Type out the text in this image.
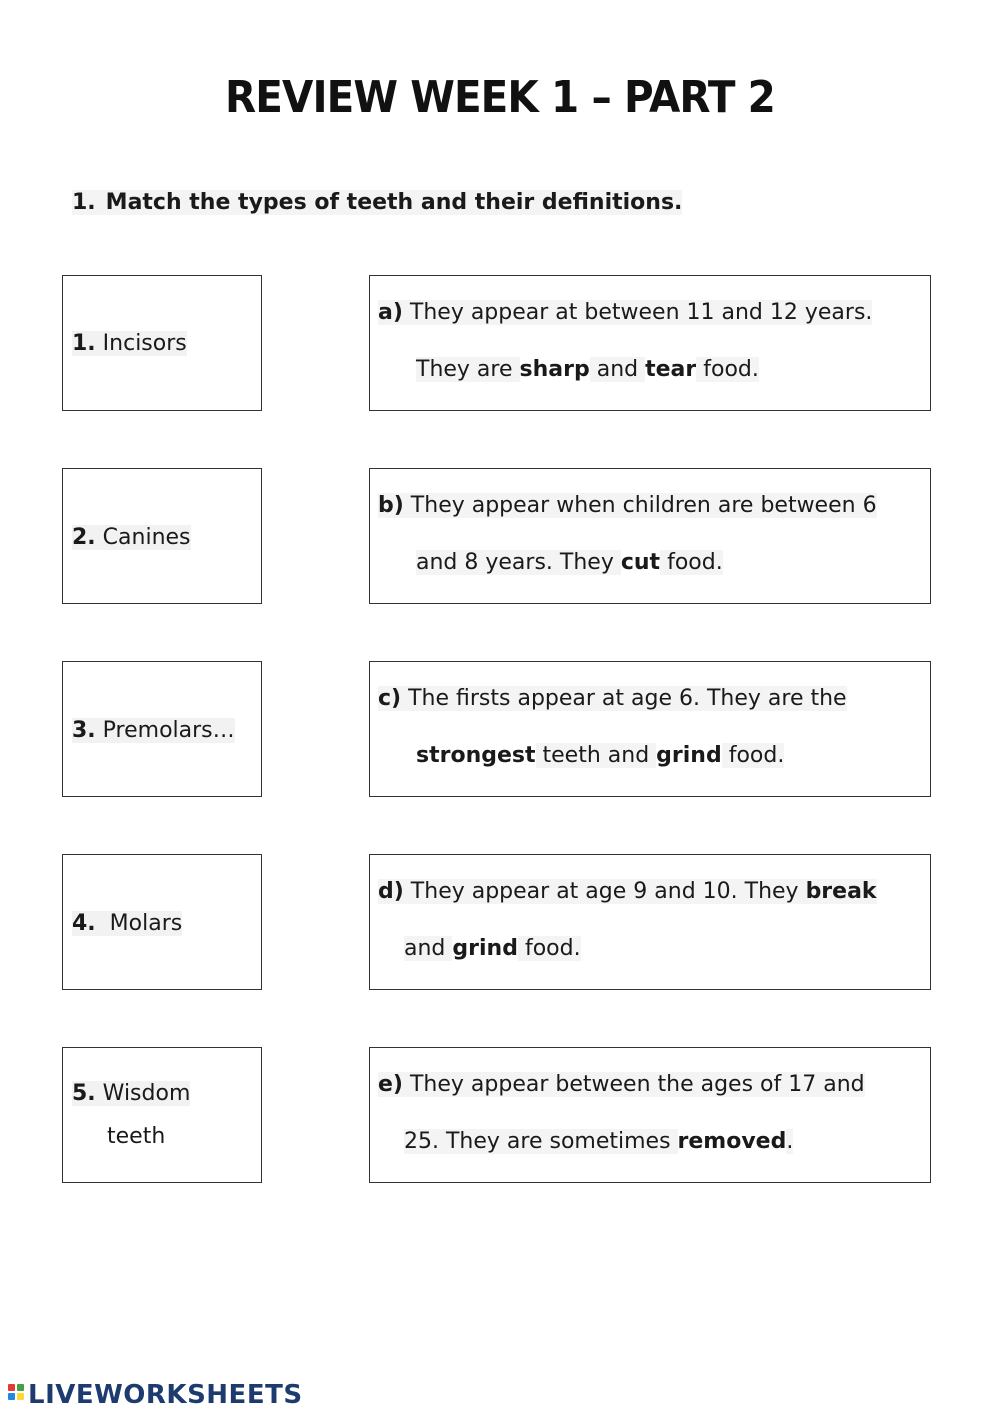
REVIEW WEEK 1 – PART 2
1. Match the types of teeth and their definitions.
1. Incisors
2. Canines
3. Premolars…
4. Molars
5. Wisdom
teeth
a) They appear at between 11 and 12 years.
They are sharp and tear food.
b) They appear when children are between 6
and 8 years. They cut food.
c) The firsts appear at age 6. They are the
strongest teeth and grind food.
d) They appear at age 9 and 10. They break
and grind food.
e) They appear between the ages of 17 and
25. They are sometimes removed.
LIVEWORKSHEETS
